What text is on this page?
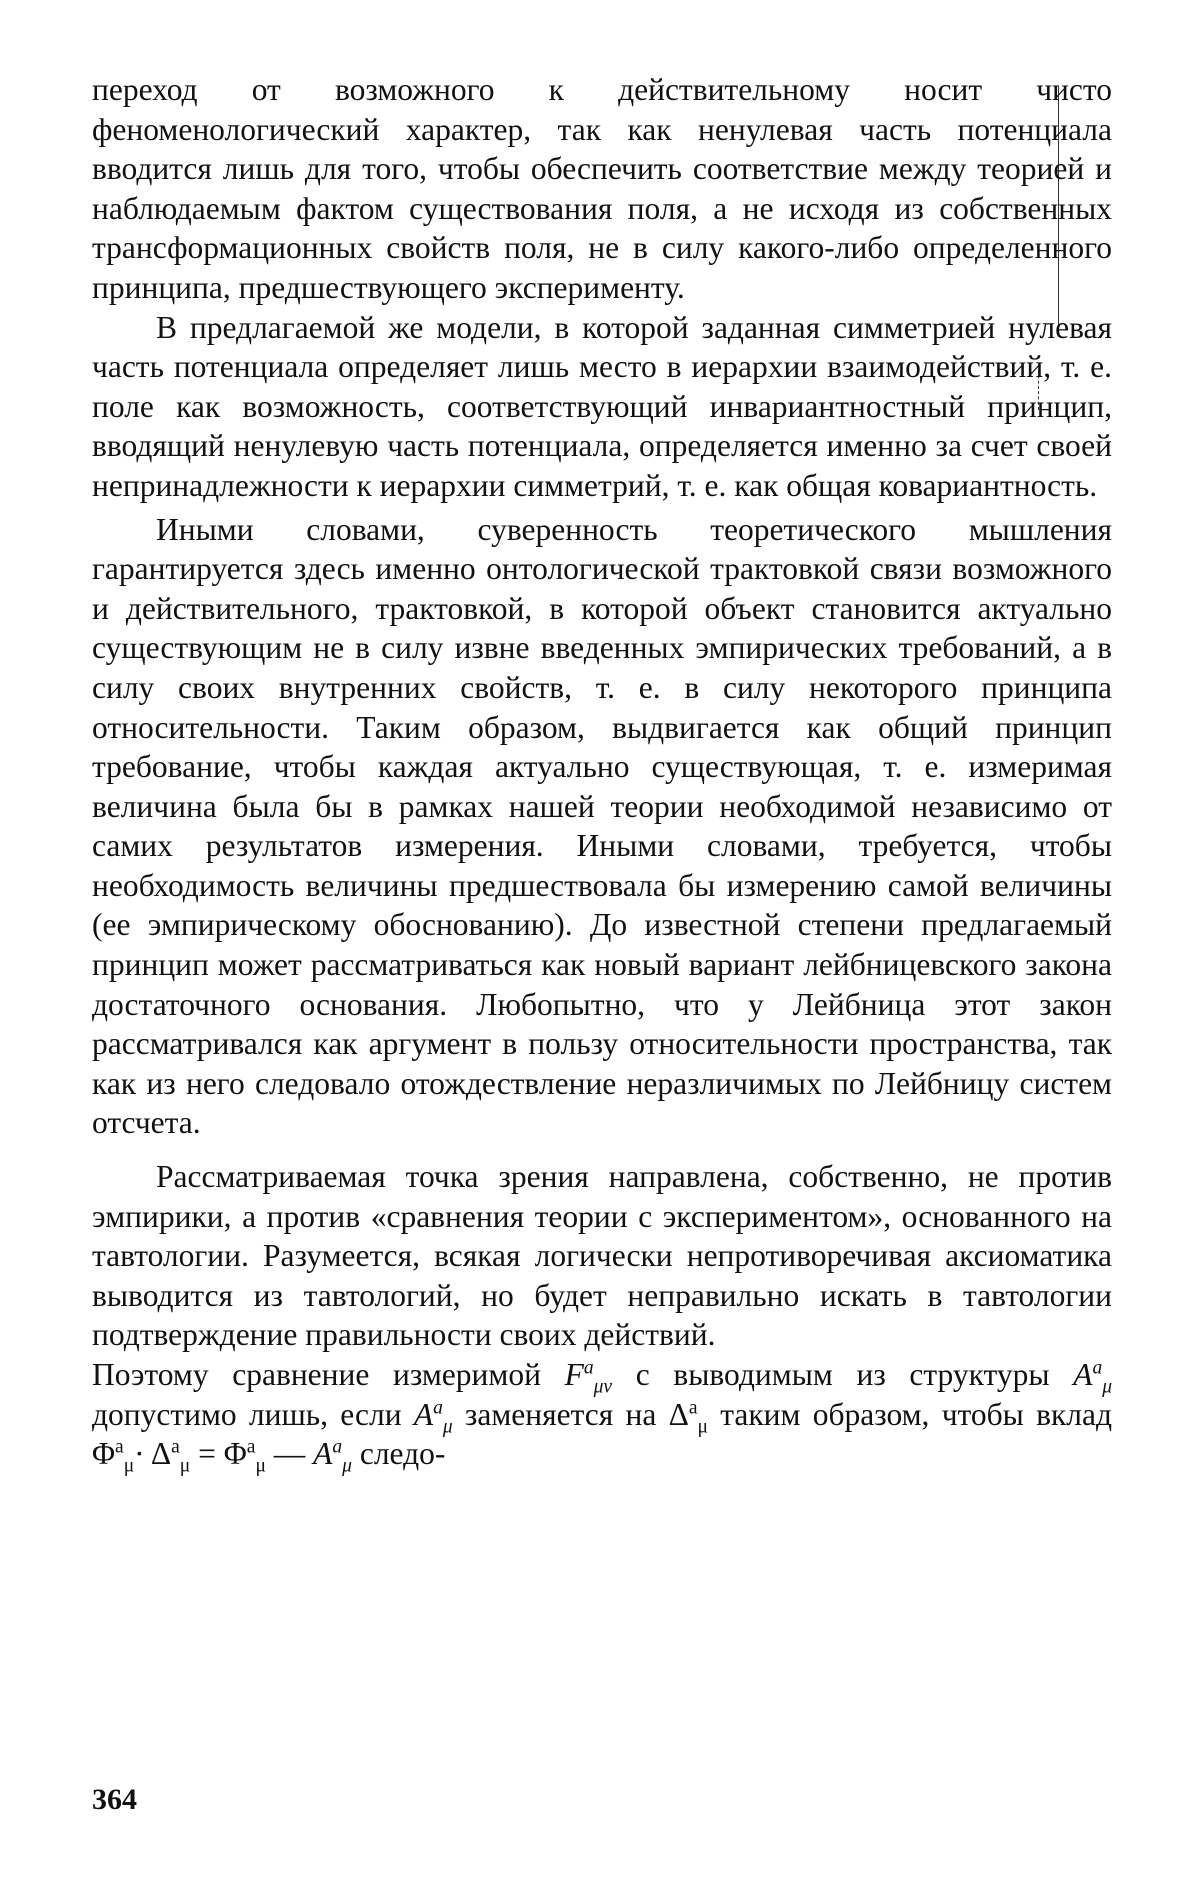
переход от возможного к действительному носит чисто феноменологический характер, так как ненулевая часть потенциала вводится лишь для того, чтобы обеспечить соответствие между теорией и наблюдаемым фактом существования поля, а не исходя из собственных трансформационных свойств поля, не в силу какого-либо определенного принципа, предшествующего эксперименту.

В предлагаемой же модели, в которой заданная симметрией нулевая часть потенциала определяет лишь место в иерархии взаимодействий, т. е. поле как возможность, соответствующий инвариантностный принцип, вводящий ненулевую часть потенциала, определяется именно за счет своей непринадлежности к иерархии симметрий, т. е. как общая ковариантность.

Иными словами, суверенность теоретического мышления гарантируется здесь именно онтологической трактовкой связи возможного и действительного, трактовкой, в которой объект становится актуально существующим не в силу извне введенных эмпирических требований, а в силу своих внутренних свойств, т. е. в силу некоторого принципа относительности. Таким образом, выдвигается как общий принцип требование, чтобы каждая актуально существующая, т. е. измеримая величина была бы в рамках нашей теории необходимой независимо от самих результатов измерения. Иными словами, требуется, чтобы необходимость величины предшествовала бы измерению самой величины (ее эмпирическому обоснованию). До известной степени предлагаемый принцип может рассматриваться как новый вариант лейбницевского закона достаточного основания. Любопытно, что у Лейбница этот закон рассматривался как аргумент в пользу относительности пространства, так как из него следовало отождествление неразличимых по Лейбницу систем отсчета.

Рассматриваемая точка зрения направлена, собственно, не против эмпирики, а против «сравнения теории с экспериментом», основанного на тавтологии. Разумеется, всякая логически непротиворечивая аксиоматика выводится из тавтологий, но будет неправильно искать в тавтологии подтверждение правильности своих действий.

Поэтому сравнение измеримой $F^a_{\mu\nu}$ с выводимым из структуры $A^a_\mu$ допустимо лишь, если $A^a_\mu$ заменяется на $\Delta^a_\mu$ таким образом, чтобы вклад $\Phi^a_\mu\cdot \Delta^a_\mu = \Phi^a_\mu$ — $A^a_\mu$ следо-

364
